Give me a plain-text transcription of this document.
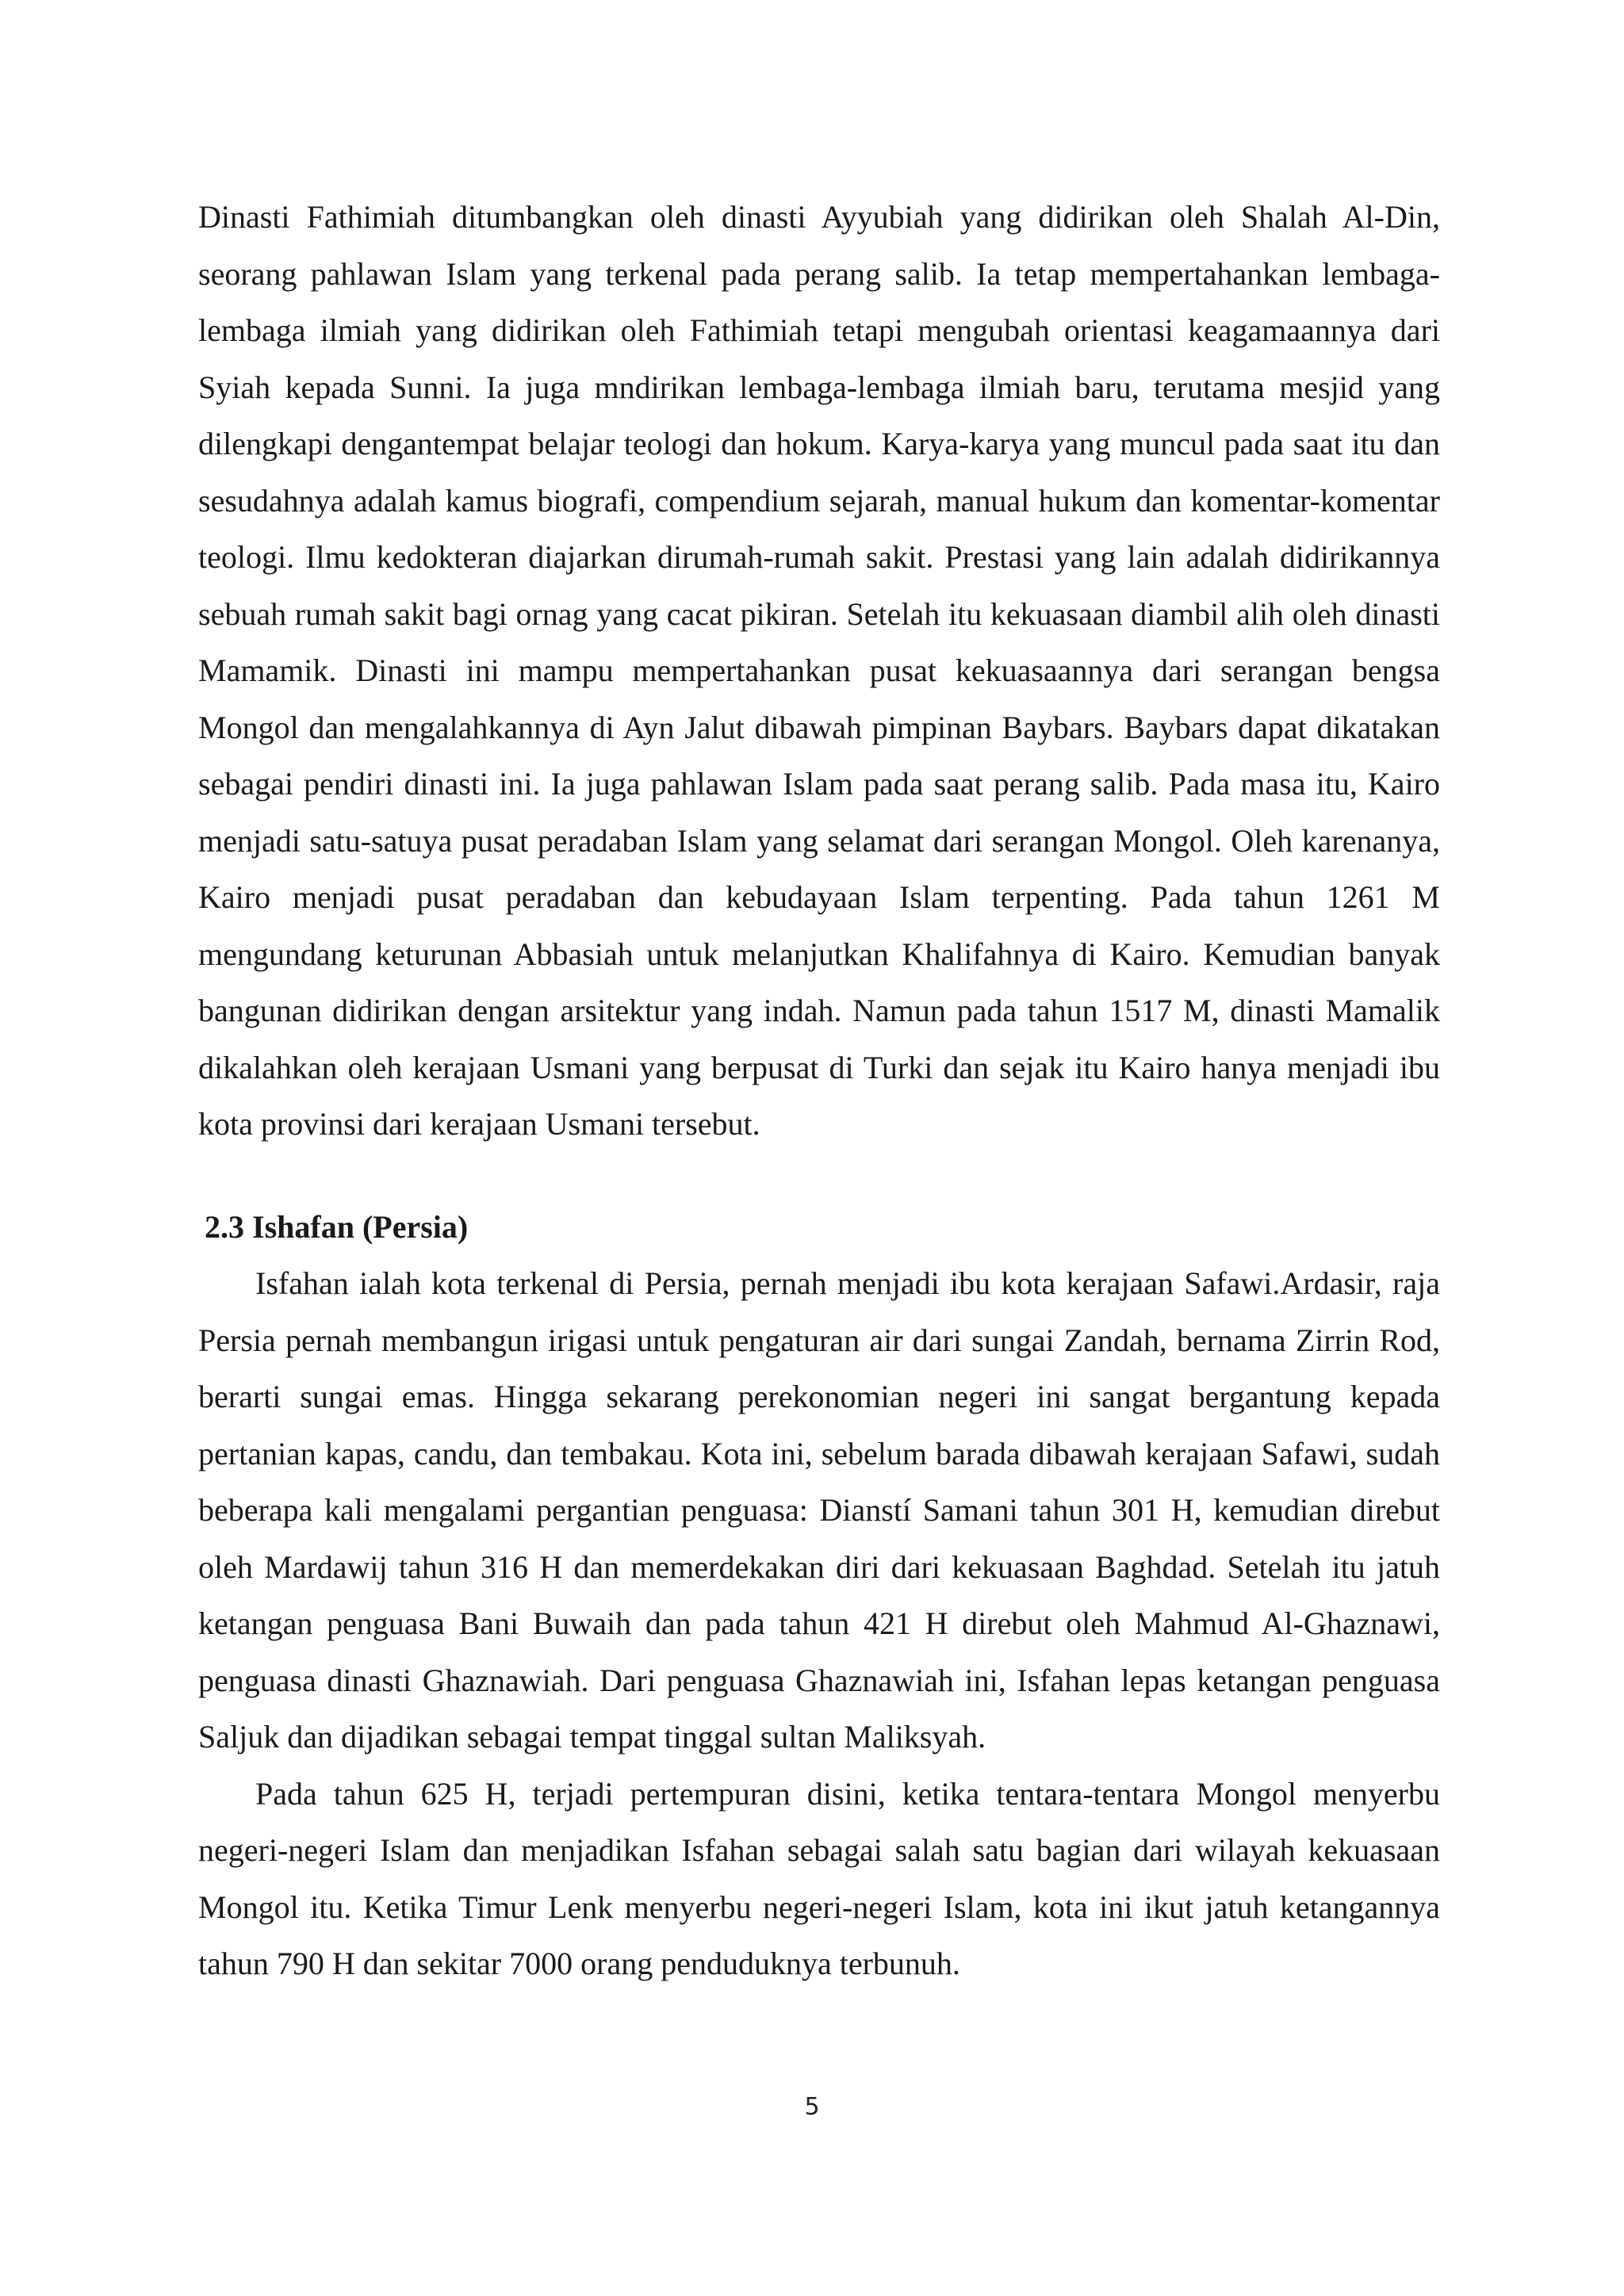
Dinasti Fathimiah ditumbangkan oleh dinasti Ayyubiah yang didirikan oleh Shalah Al-Din, seorang pahlawan Islam yang terkenal pada perang salib. Ia tetap mempertahankan lembaga-lembaga ilmiah yang didirikan oleh Fathimiah tetapi mengubah orientasi keagamaannya dari Syiah kepada Sunni. Ia juga mndirikan lembaga-lembaga ilmiah baru, terutama mesjid yang dilengkapi dengantempat belajar teologi dan hokum. Karya-karya yang muncul pada saat itu dan sesudahnya adalah kamus biografi, compendium sejarah, manual hukum dan komentar-komentar teologi. Ilmu kedokteran diajarkan dirumah-rumah sakit. Prestasi yang lain adalah didirikannya sebuah rumah sakit bagi ornag yang cacat pikiran. Setelah itu kekuasaan diambil alih oleh dinasti Mamamik. Dinasti ini mampu mempertahankan pusat kekuasaannya dari serangan bengsa Mongol dan mengalahkannya di Ayn Jalut dibawah pimpinan Baybars. Baybars dapat dikatakan sebagai pendiri dinasti ini. Ia juga pahlawan Islam pada saat perang salib. Pada masa itu, Kairo menjadi satu-satuya pusat peradaban Islam yang selamat dari serangan Mongol. Oleh karenanya, Kairo menjadi pusat peradaban dan kebudayaan Islam terpenting. Pada tahun 1261 M mengundang keturunan Abbasiah untuk melanjutkan Khalifahnya di Kairo. Kemudian banyak bangunan didirikan dengan arsitektur yang indah. Namun pada tahun 1517 M, dinasti Mamalik dikalahkan oleh kerajaan Usmani yang berpusat di Turki dan sejak itu Kairo hanya menjadi ibu kota provinsi dari kerajaan Usmani tersebut.

2.3 Ishafan (Persia)

Isfahan ialah kota terkenal di Persia, pernah menjadi ibu kota kerajaan Safawi.Ardasir, raja Persia pernah membangun irigasi untuk pengaturan air dari sungai Zandah, bernama Zirrin Rod, berarti sungai emas. Hingga sekarang perekonomian negeri ini sangat bergantung kepada pertanian kapas, candu, dan tembakau. Kota ini, sebelum barada dibawah kerajaan Safawi, sudah beberapa kali mengalami pergantian penguasa: Dianstí Samani tahun 301 H, kemudian direbut oleh Mardawij tahun 316 H dan memerdekakan diri dari kekuasaan Baghdad. Setelah itu jatuh ketangan penguasa Bani Buwaih dan pada tahun 421 H direbut oleh Mahmud Al-Ghaznawi, penguasa dinasti Ghaznawiah. Dari penguasa Ghaznawiah ini, Isfahan lepas ketangan penguasa Saljuk dan dijadikan sebagai tempat tinggal sultan Maliksyah.

Pada tahun 625 H, terjadi pertempuran disini, ketika tentara-tentara Mongol menyerbu negeri-negeri Islam dan menjadikan Isfahan sebagai salah satu bagian dari wilayah kekuasaan Mongol itu. Ketika Timur Lenk menyerbu negeri-negeri Islam, kota ini ikut jatuh ketangannya tahun 790 H dan sekitar 7000 orang penduduknya terbunuh.

5
